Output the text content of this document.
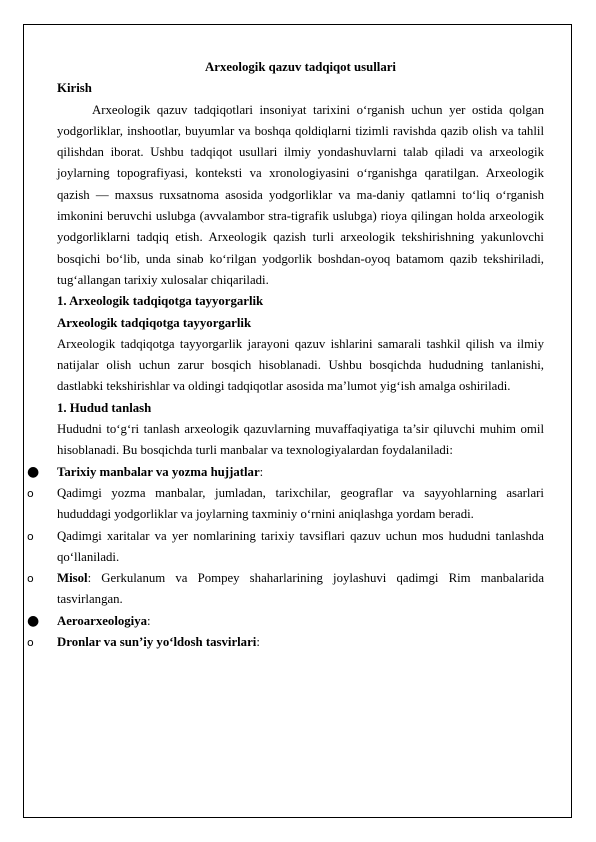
Arxeologik qazuv tadqiqot usullari

Kirish

Arxeologik qazuv tadqiqotlari insoniyat tarixini o‘rganish uchun yer ostida qolgan yodgorliklar, inshootlar, buyumlar va boshqa qoldiqlarni tizimli ravishda qazib olish va tahlil qilishdan iborat. Ushbu tadqiqot usullari ilmiy yondashuvlarni talab qiladi va arxeologik joylarning topografiyasi, konteksti va xronologiyasini o‘rganishga qaratilgan. Arxeologik qazish — maxsus ruxsatnoma asosida yodgorliklar va ma-daniy qatlamni to‘liq o‘rganish imkonini beruvchi uslubga (avvalambor stra-tigrafik uslubga) rioya qilingan holda arxeologik yodgorliklarni tadqiq etish. Arxeologik qazish turli arxeologik tekshirishning yakunlovchi bosqichi bo‘lib, unda sinab ko‘rilgan yodgorlik boshdan-oyoq batamom qazib tekshiriladi, tug‘allangan tarixiy xulosalar chiqariladi.

1. Arxeologik tadqiqotga tayyorgarlik

Arxeologik tadqiqotga tayyorgarlik

Arxeologik tadqiqotga tayyorgarlik jarayoni qazuv ishlarini samarali tashkil qilish va ilmiy natijalar olish uchun zarur bosqich hisoblanadi. Ushbu bosqichda hududning tanlanishi, dastlabki tekshirishlar va oldingi tadqiqotlar asosida ma’lumot yig‘ish amalga oshiriladi.

1. Hudud tanlash

Hududni to‘g‘ri tanlash arxeologik qazuvlarning muvaffaqiyatiga ta’sir qiluvchi muhim omil hisoblanadi. Bu bosqichda turli manbalar va texnologiyalardan foydalaniladi:

● Tarixiy manbalar va yozma hujjatlar:

o	Qadimgi yozma manbalar, jumladan, tarixchilar, geograflar va sayyohlarning asarlari hududdagi yodgorliklar va joylarning taxminiy o‘rnini aniqlashga yordam beradi.

o	Qadimgi xaritalar va yer nomlarining tarixiy tavsiflari qazuv uchun mos hududni tanlashda qo‘llaniladi.

o	Misol: Gerkulanum va Pompey shaharlarining joylashuvi qadimgi Rim manbalarida tasvirlangan.

● Aeroarxeologiya:

o	Dronlar va sun’iy yo‘ldosh tasvirlari:
